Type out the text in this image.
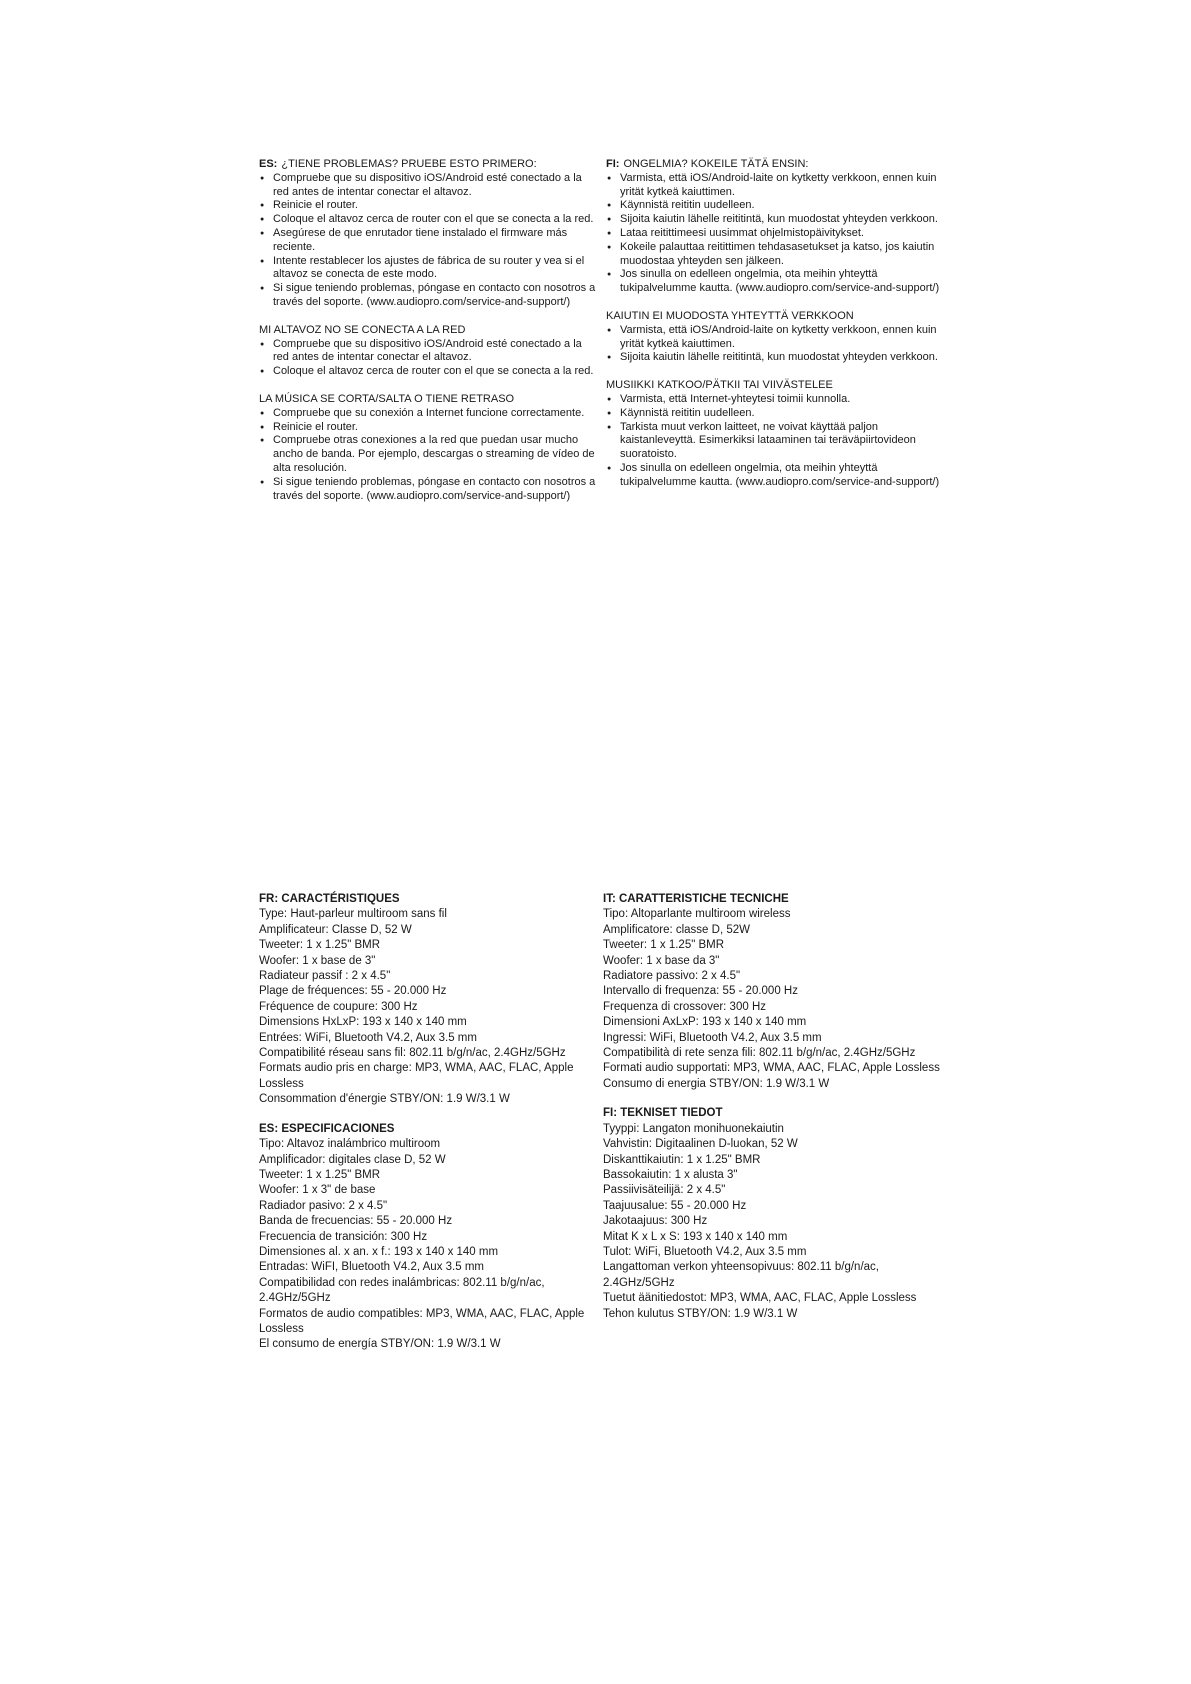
ES: ¿TIENE PROBLEMAS? PRUEBE ESTO PRIMERO:
● Compruebe que su dispositivo iOS/Android esté conectado a la red antes de intentar conectar el altavoz.
● Reinicie el router.
● Coloque el altavoz cerca de router con el que se conecta a la red.
● Asegúrese de que enrutador tiene instalado el firmware más reciente.
● Intente restablecer los ajustes de fábrica de su router y vea si el altavoz se conecta de este modo.
● Si sigue teniendo problemas, póngase en contacto con nosotros a través del soporte. (www.audiopro.com/service-and-support/)
MI ALTAVOZ NO SE CONECTA A LA RED
● Compruebe que su dispositivo iOS/Android esté conectado a la red antes de intentar conectar el altavoz.
● Coloque el altavoz cerca de router con el que se conecta a la red.
LA MÚSICA SE CORTA/SALTA O TIENE RETRASO
● Compruebe que su conexión a Internet funcione correctamente.
● Reinicie el router.
● Compruebe otras conexiones a la red que puedan usar mucho ancho de banda. Por ejemplo, descargas o streaming de vídeo de alta resolución.
● Si sigue teniendo problemas, póngase en contacto con nosotros a través del soporte. (www.audiopro.com/service-and-support/)
FI: ONGELMIA? KOKEILE TÄTÄ ENSIN:
● Varmista, että iOS/Android-laite on kytketty verkkoon, ennen kuin yrität kytkeä kaiuttimen.
● Käynnistä reititin uudelleen.
● Sijoita kaiutin lähelle reititintä, kun muodostat yhteyden verkkoon.
● Lataa reitittimeesi uusimmat ohjelmistopäivitykset.
● Kokeile palauttaa reitittimen tehdasasetukset ja katso, jos kaiutin muodostaa yhteyden sen jälkeen.
● Jos sinulla on edelleen ongelmia, ota meihin yhteyttä tukipalvelumme kautta. (www.audiopro.com/service-and-support/)
KAIUTIN EI MUODOSTA YHTEYTTÄ VERKKOON
● Varmista, että iOS/Android-laite on kytketty verkkoon, ennen kuin yrität kytkeä kaiuttimen.
● Sijoita kaiutin lähelle reititintä, kun muodostat yhteyden verkkoon.
MUSIIKKI KATKOO/PÄTKII TAI VIIVÄSTELEE
● Varmista, että Internet-yhteytesi toimii kunnolla.
● Käynnistä reititin uudelleen.
● Tarkista muut verkon laitteet, ne voivat käyttää paljon kaistanleveyttä. Esimerkiksi lataaminen tai teräväpiirtovideon suoratoisto.
● Jos sinulla on edelleen ongelmia, ota meihin yhteyttä tukipalvelumme kautta. (www.audiopro.com/service-and-support/)
FR: CARACTÉRISTIQUES

Type: Haut-parleur multiroom sans fil

Amplificateur: Classe D, 52 W

Tweeter: 1 x 1.25" BMR

Woofer: 1 x base de 3"

Radiateur passif : 2 x 4.5"

Plage de fréquences: 55 - 20.000 Hz

Fréquence de coupure: 300 Hz

Dimensions HxLxP: 193 x 140 x 140 mm

Entrées: WiFi, Bluetooth V4.2, Aux 3.5 mm

Compatibilité réseau sans fil: 802.11 b/g/n/ac, 2.4GHz/5GHz

Formats audio pris en charge: MP3, WMA, AAC, FLAC, Apple Lossless

Consommation d'énergie STBY/ON: 1.9 W/3.1 W

ES: ESPECIFICACIONES

Tipo: Altavoz inalámbrico multiroom

Amplificador: digitales clase D, 52 W

Tweeter: 1 x 1.25" BMR

Woofer: 1 x 3" de base

Radiador pasivo: 2 x 4.5"

Banda de frecuencias: 55 - 20.000 Hz

Frecuencia de transición: 300 Hz

Dimensiones al. x an. x f.: 193 x 140 x 140 mm

Entradas: WiFI, Bluetooth V4.2, Aux 3.5 mm

Compatibilidad con redes inalámbricas: 802.11 b/g/n/ac, 2.4GHz/5GHz

Formatos de audio compatibles: MP3, WMA, AAC, FLAC, Apple Lossless

El consumo de energía STBY/ON: 1.9 W/3.1 W

IT: CARATTERISTICHE TECNICHE

Tipo: Altoparlante multiroom wireless

Amplificatore: classe D, 52W

Tweeter: 1 x 1.25" BMR

Woofer: 1 x base da 3"

Radiatore passivo: 2 x 4.5"

Intervallo di frequenza: 55 - 20.000 Hz

Frequenza di crossover: 300 Hz

Dimensioni AxLxP: 193 x 140 x 140 mm

Ingressi: WiFi, Bluetooth V4.2, Aux 3.5 mm

Compatibilità di rete senza fili: 802.11 b/g/n/ac, 2.4GHz/5GHz

Formati audio supportati: MP3, WMA, AAC, FLAC, Apple Lossless

Consumo di energia STBY/ON: 1.9 W/3.1 W

FI: TEKNISET TIEDOT

Tyyppi: Langaton monihuonekaiutin

Vahvistin: Digitaalinen D-luokan, 52 W

Diskanttikaiutin: 1 x 1.25" BMR

Bassokaiutin: 1 x alusta 3"

Passiivisäteilijä: 2 x 4.5"

Taajuusalue: 55 - 20.000 Hz

Jakotaajuus: 300 Hz

Mitat K x L x S: 193 x 140 x 140 mm

Tulot: WiFi, Bluetooth V4.2, Aux 3.5 mm

Langattoman verkon yhteensopivuus: 802.11 b/g/n/ac, 2.4GHz/5GHz

Tuetut äänitiedostot: MP3, WMA, AAC, FLAC, Apple Lossless

Tehon kulutus STBY/ON: 1.9 W/3.1 W
